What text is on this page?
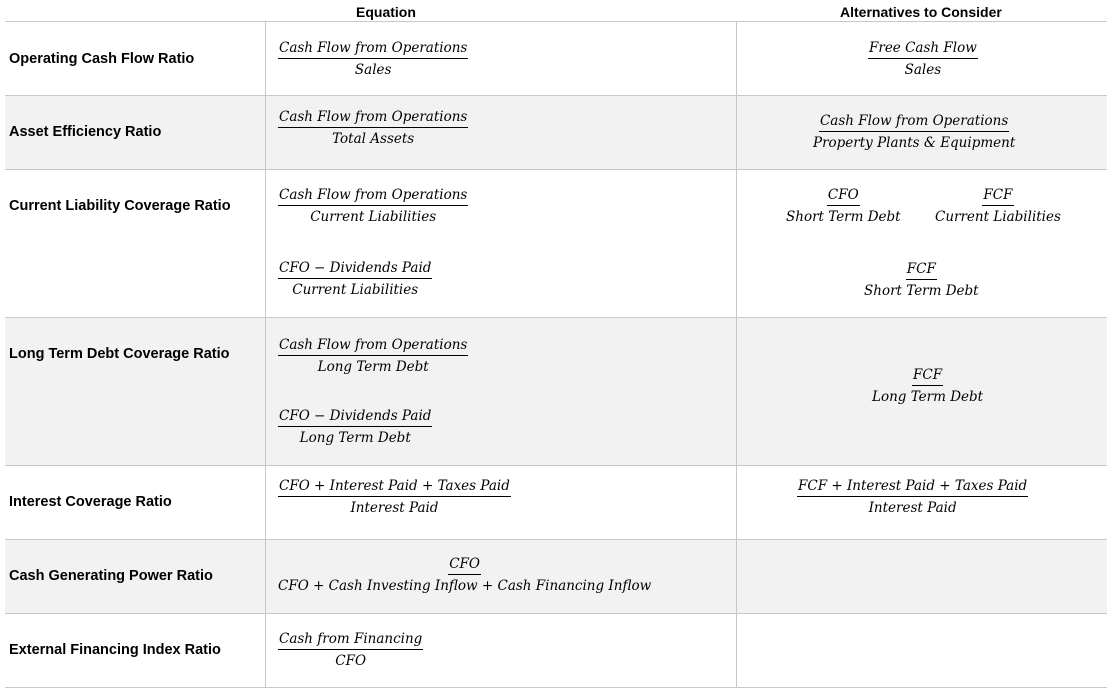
Equation	Alternatives to Consider
Operating Cash Flow Ratio
Cash Flow from Operations
Sales
Free Cash Flow
Sales
Asset Efficiency Ratio
Cash Flow from Operations
Total Assets
Cash Flow from Operations
Property Plants & Equipment
Current Liability Coverage Ratio
Cash Flow from Operations
Current Liabilities
CFO − Dividends Paid
Current Liabilities
CFO
Short Term Debt
FCF
Current Liabilities
FCF
Short Term Debt
Long Term Debt Coverage Ratio
Cash Flow from Operations
Long Term Debt
CFO − Dividends Paid
Long Term Debt
FCF
Long Term Debt
Interest Coverage Ratio
CFO + Interest Paid + Taxes Paid
Interest Paid
FCF + Interest Paid + Taxes Paid
Interest Paid
Cash Generating Power Ratio
CFO
CFO + Cash Investing Inflow + Cash Financing Inflow
External Financing Index Ratio
Cash from Financing
CFO
